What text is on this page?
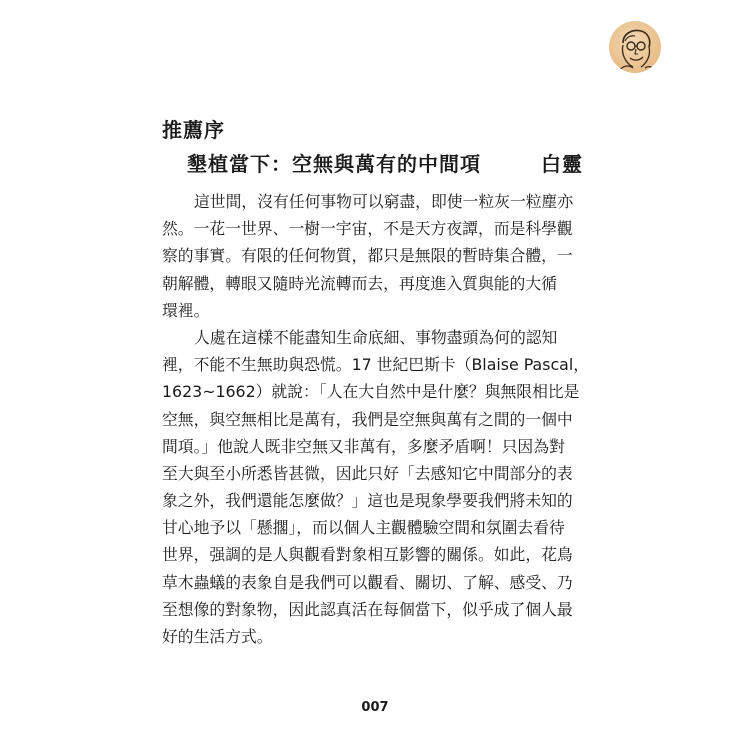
推薦序
墾植當下：空無與萬有的中間項	白靈
這世間，沒有任何事物可以窮盡，即使一粒灰一粒塵亦
然。一花一世界、一樹一宇宙，不是天方夜譚，而是科學觀
察的事實。有限的任何物質，都只是無限的暫時集合體，一
朝解體，轉眼又隨時光流轉而去，再度進入質與能的大循
環裡。
人處在這樣不能盡知生命底細、事物盡頭為何的認知
裡，不能不生無助與恐慌。17 世紀巴斯卡（Blaise Pascal，
1623~1662）就說：「人在大自然中是什麼？與無限相比是
空無，與空無相比是萬有，我們是空無與萬有之間的一個中
間項。」他說人既非空無又非萬有，多麼矛盾啊！只因為對
至大與至小所悉皆甚微，因此只好「去感知它中間部分的表
象之外，我們還能怎麼做？」這也是現象學要我們將未知的
甘心地予以「懸擱」，而以個人主觀體驗空間和氛圍去看待
世界，强調的是人與觀看對象相互影響的關係。如此，花鳥
草木蟲蟻的表象自是我們可以觀看、關切、了解、感受、乃
至想像的對象物，因此認真活在每個當下，似乎成了個人最
好的生活方式。
007
